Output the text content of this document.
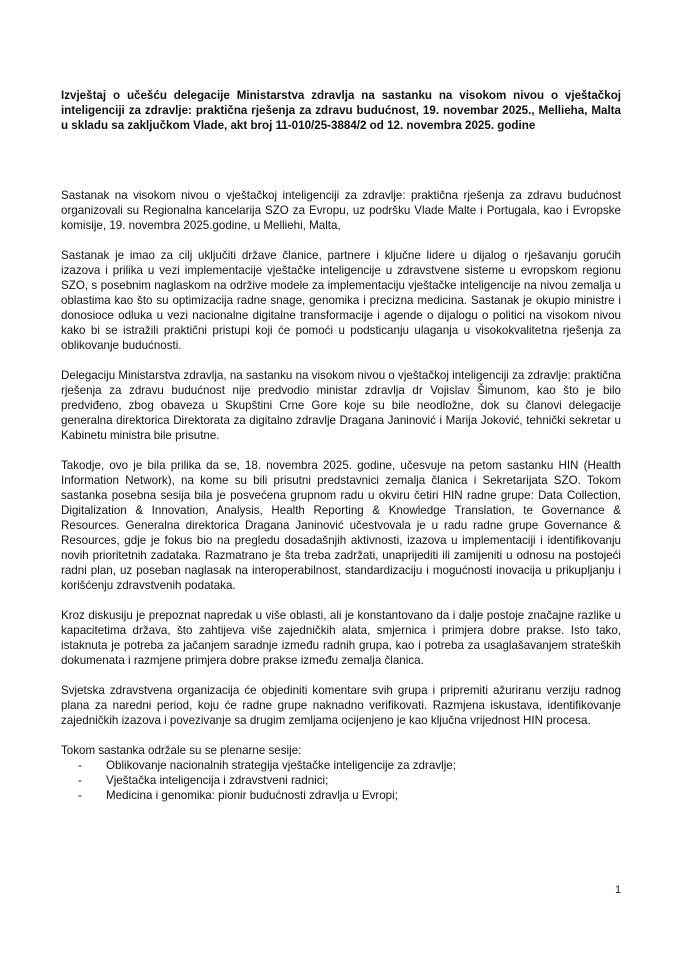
Izvještaj o učešću delegacije Ministarstva zdravlja na sastanku na visokom nivou o vještačkoj inteligenciji za zdravlje: praktična rješenja za zdravu budućnost, 19. novembar 2025., Mellieha, Malta u skladu sa zaključkom Vlade, akt broj 11-010/25-3884/2 od 12. novembra 2025. godine

Sastanak na visokom nivou o vještačkoj inteligenciji za zdravlje: praktična rješenja za zdravu budućnost organizovali su Regionalna kancelarija SZO za Evropu, uz podršku Vlade Malte i Portugala, kao i Evropske komisije, 19. novembra 2025.godine, u Melliehi, Malta,

Sastanak je imao za cilj uključiti države članice, partnere i ključne lidere u dijalog o rješavanju gorućih izazova i prilika u vezi implementacije vještačke inteligencije u zdravstvene sisteme u evropskom regionu SZO, s posebnim naglaskom na održive modele za implementaciju vještačke inteligencije na nivou zemalja u oblastima kao što su optimizacija radne snage, genomika i precizna medicina. Sastanak je okupio ministre i donosioce odluka u vezi nacionalne digitalne transformacije i agende o dijalogu o politici na visokom nivou kako bi se istražili praktični pristupi koji će pomoći u podsticanju ulaganja u visokokvalitetna rješenja za oblikovanje budućnosti.

Delegaciju Ministarstva zdravlja, na sastanku na visokom nivou o vještačkoj inteligenciji za zdravlje: praktična rješenja za zdravu budućnost nije predvodio ministar zdravlja dr Vojislav Šimunom, kao što je bilo predviđeno, zbog obaveza u Skupštini Crne Gore koje su bile neodložne, dok su članovi delegacije generalna direktorica Direktorata za digitalno zdravlje Dragana Janinović i Marija Joković, tehnički sekretar u Kabinetu ministra bile prisutne.

Takodje, ovo je bila prilika da se, 18. novembra 2025. godine, učesvuje na petom sastanku HIN (Health Information Network), na kome su bili prisutni predstavnici zemalja članica i Sekretarijata SZO. Tokom sastanka posebna sesija bila je posvećena grupnom radu u okviru četiri HIN radne grupe: Data Collection, Digitalization & Innovation, Analysis, Health Reporting & Knowledge Translation, te Governance & Resources. Generalna direktorica Dragana Janinović učestvovala je u radu radne grupe Governance & Resources, gdje je fokus bio na pregledu dosadašnjih aktivnosti, izazova u implementaciji i identifikovanju novih prioritetnih zadataka. Razmatrano je šta treba zadržati, unaprijediti ili zamijeniti u odnosu na postojeći radni plan, uz poseban naglasak na interoperabilnost, standardizaciju i mogućnosti inovacija u prikupljanju i korišćenju zdravstvenih podataka.

Kroz diskusiju je prepoznat napredak u više oblasti, ali je konstantovano da i dalje postoje značajne razlike u kapacitetima država, što zahtijeva više zajedničkih alata, smjernica i primjera dobre prakse. Isto tako, istaknuta je potreba za jačanjem saradnje između radnih grupa, kao i potreba za usaglašavanjem strateških dokumenata i razmjene primjera dobre prakse između zemalja članica.

Svjetska zdravstvena organizacija će objediniti komentare svih grupa i pripremiti ažuriranu verziju radnog plana za naredni period, koju će radne grupe naknadno verifikovati. Razmjena iskustava, identifikovanje zajedničkih izazova i povezivanje sa drugim zemljama ocijenjeno je kao ključna vrijednost HIN procesa.

Tokom sastanka održale su se plenarne sesije:

- Oblikovanje nacionalnih strategija vještačke inteligencije za zdravlje;
- Vještačka inteligencija i zdravstveni radnici;
- Medicina i genomika: pionir budućnosti zdravlja u Evropi;
1
